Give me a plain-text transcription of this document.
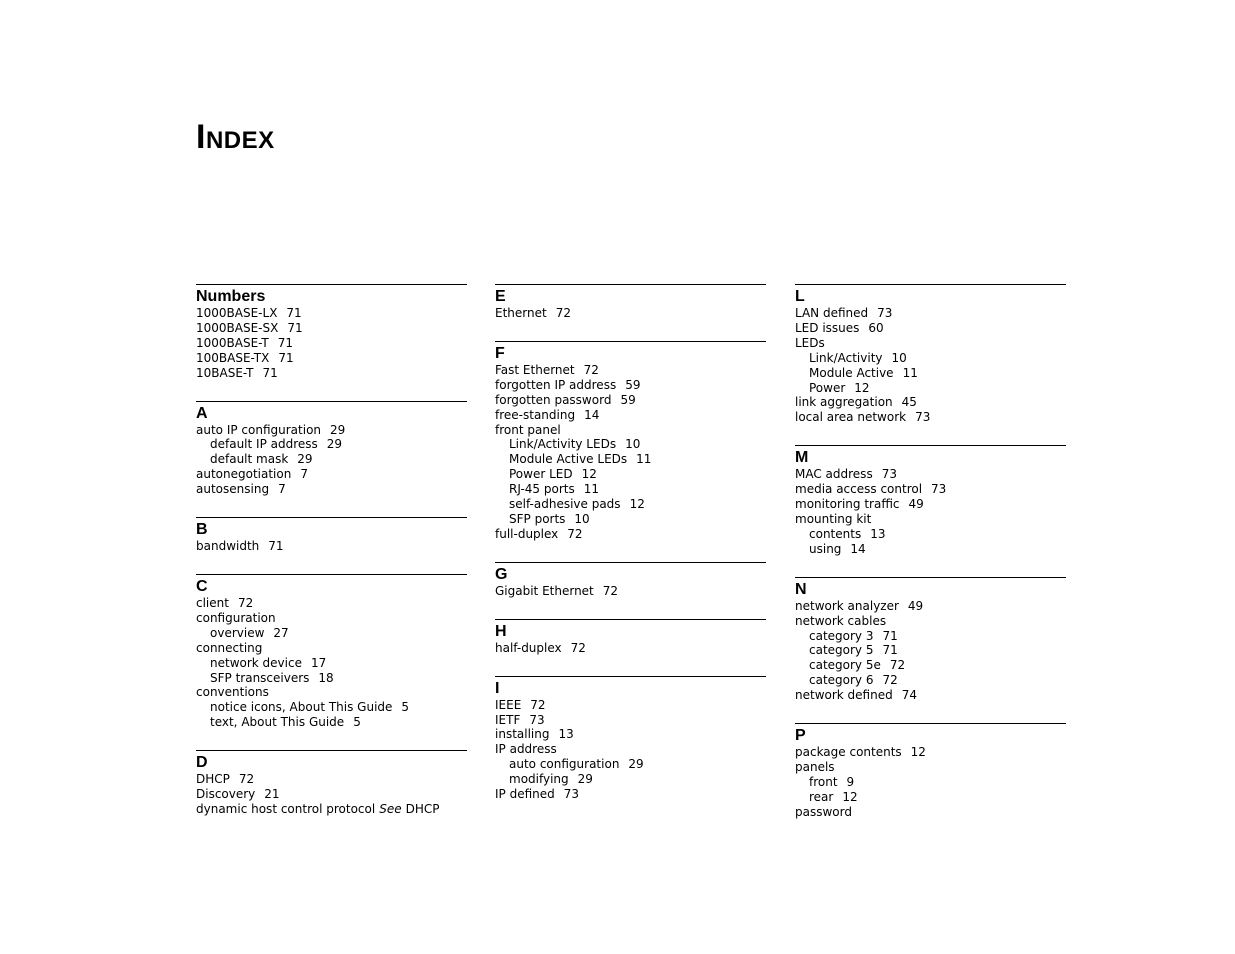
INDEX
Numbers
1000BASE-LX 71
1000BASE-SX 71
1000BASE-T 71
100BASE-TX 71
10BASE-T 71
A
auto IP configuration 29
default IP address 29
default mask 29
autonegotiation 7
autosensing 7
B
bandwidth 71
C
client 72
configuration
overview 27
connecting
network device 17
SFP transceivers 18
conventions
notice icons, About This Guide 5
text, About This Guide 5
D
DHCP 72
Discovery 21
dynamic host control protocol See DHCP
E
Ethernet 72
F
Fast Ethernet 72
forgotten IP address 59
forgotten password 59
free-standing 14
front panel
Link/Activity LEDs 10
Module Active LEDs 11
Power LED 12
RJ-45 ports 11
self-adhesive pads 12
SFP ports 10
full-duplex 72
G
Gigabit Ethernet 72
H
half-duplex 72
I
IEEE 72
IETF 73
installing 13
IP address
auto configuration 29
modifying 29
IP defined 73
L
LAN defined 73
LED issues 60
LEDs
Link/Activity 10
Module Active 11
Power 12
link aggregation 45
local area network 73
M
MAC address 73
media access control 73
monitoring traffic 49
mounting kit
contents 13
using 14
N
network analyzer 49
network cables
category 3 71
category 5 71
category 5e 72
category 6 72
network defined 74
P
package contents 12
panels
front 9
rear 12
password
